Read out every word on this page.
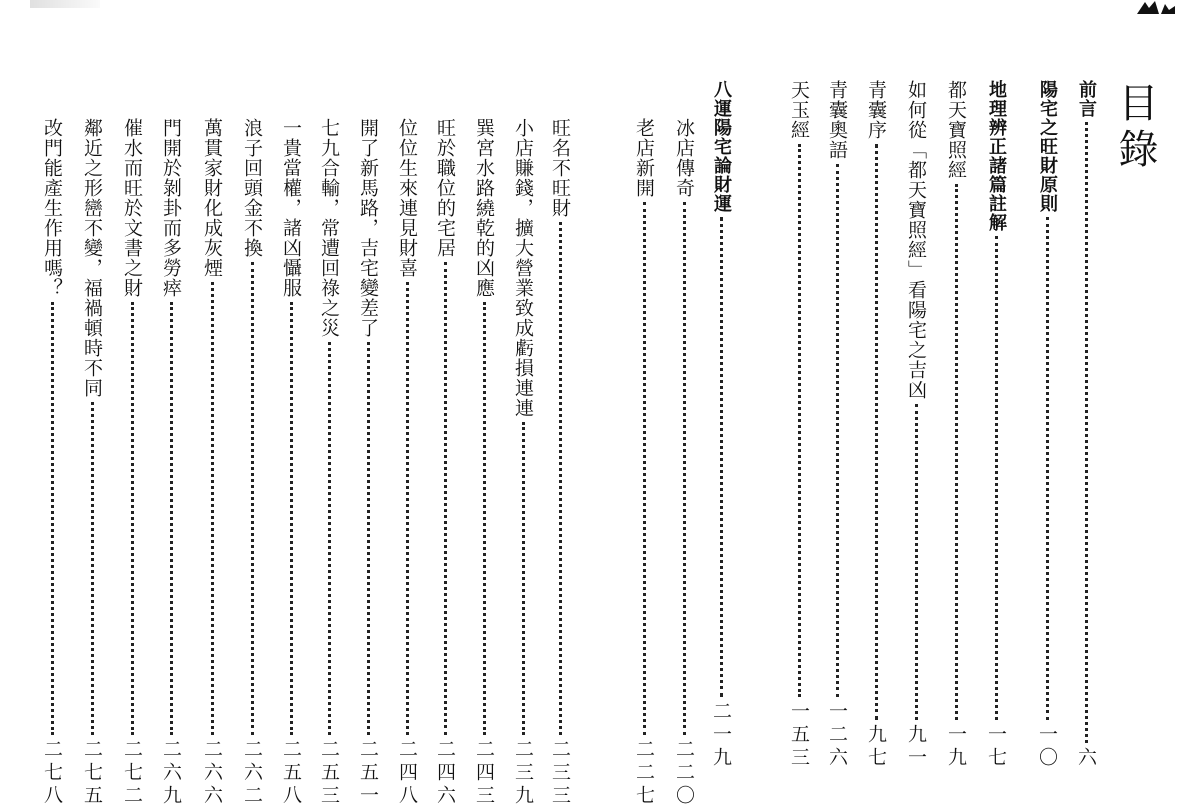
目錄
前言
六
陽宅之旺財原則
一〇
地理辨正諸篇註解
一七
都天寶照經
一九
如何從「都天寶照經」看陽宅之吉凶
九一
青囊序
九七
青囊奧語
一二六
天玉經
一五三
八運陽宅論財運
二一九
冰店傳奇
二二〇
老店新開
二二七
小店賺錢，擴大營業致成虧損連連
二三九
旺名不旺財
二三三
巽宮水路繞乾的凶應
二四三
旺於職位的宅居
二四六
位位生來連見財喜
二四八
開了新馬路，吉宅變差了
二五一
七九合輸，常遭回祿之災
二五三
一貴當權，諸凶懾服
二五八
浪子回頭金不換
二六二
萬貫家財化成灰煙
二六六
門開於剝卦而多勞瘁
二六九
催水而旺於文書之財
二七二
鄰近之形巒不變，福禍頓時不同
二七五
改門能產生作用嗎？
二七八
